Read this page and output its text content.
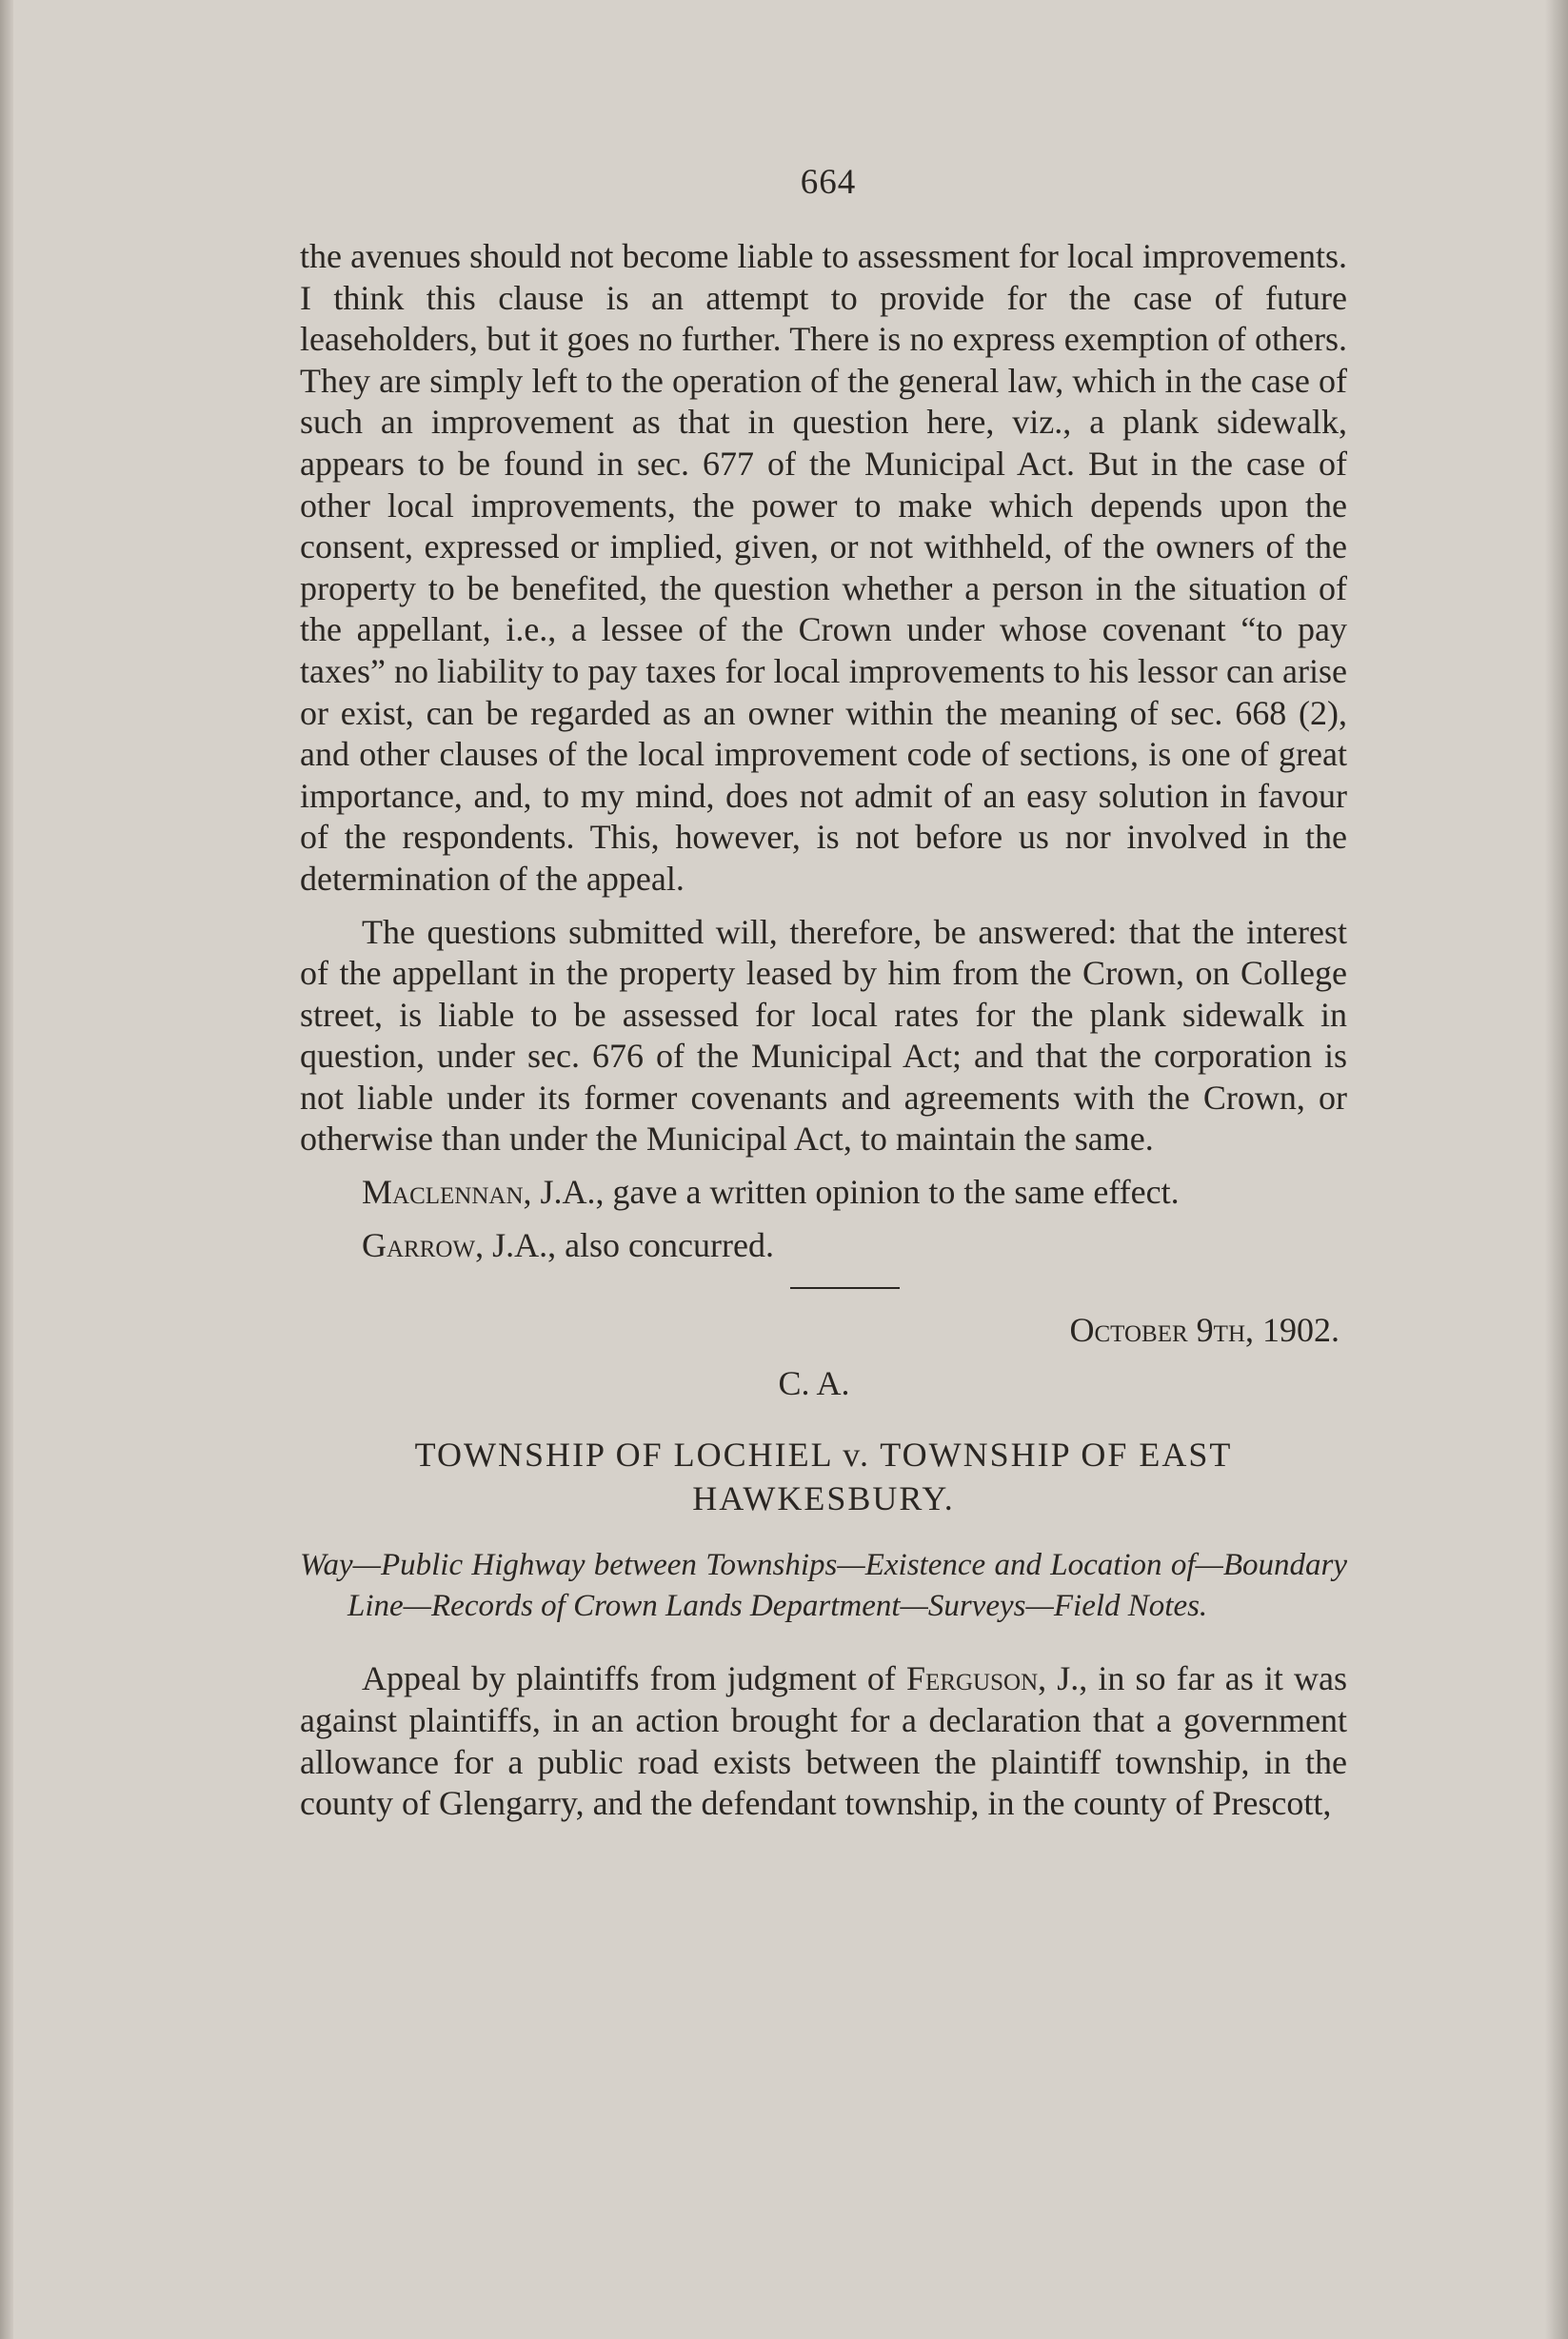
664

the avenues should not become liable to assessment for local improvements. I think this clause is an attempt to provide for the case of future leaseholders, but it goes no further. There is no express exemption of others. They are simply left to the operation of the general law, which in the case of such an improvement as that in question here, viz., a plank sidewalk, appears to be found in sec. 677 of the Municipal Act. But in the case of other local improvements, the power to make which depends upon the consent, expressed or implied, given, or not withheld, of the owners of the property to be benefited, the question whether a person in the situation of the appellant, i.e., a lessee of the Crown under whose covenant “to pay taxes” no liability to pay taxes for local improvements to his lessor can arise or exist, can be regarded as an owner within the meaning of sec. 668 (2), and other clauses of the local improvement code of sections, is one of great importance, and, to my mind, does not admit of an easy solution in favour of the respondents. This, however, is not before us nor involved in the determination of the appeal.

The questions submitted will, therefore, be answered: that the interest of the appellant in the property leased by him from the Crown, on College street, is liable to be assessed for local rates for the plank sidewalk in question, under sec. 676 of the Municipal Act; and that the corporation is not liable under its former covenants and agreements with the Crown, or otherwise than under the Municipal Act, to maintain the same.

Maclennan, J.A., gave a written opinion to the same effect.

Garrow, J.A., also concurred.

October 9th, 1902.
C. A.
TOWNSHIP OF LOCHIEL v. TOWNSHIP OF EAST
HAWKESBURY.

Way—Public Highway between Townships—Existence and Location of—Boundary Line—Records of Crown Lands Department—Surveys—Field Notes.

Appeal by plaintiffs from judgment of Ferguson, J., in so far as it was against plaintiffs, in an action brought for a declaration that a government allowance for a public road exists between the plaintiff township, in the county of Glengarry, and the defendant township, in the county of Prescott,
